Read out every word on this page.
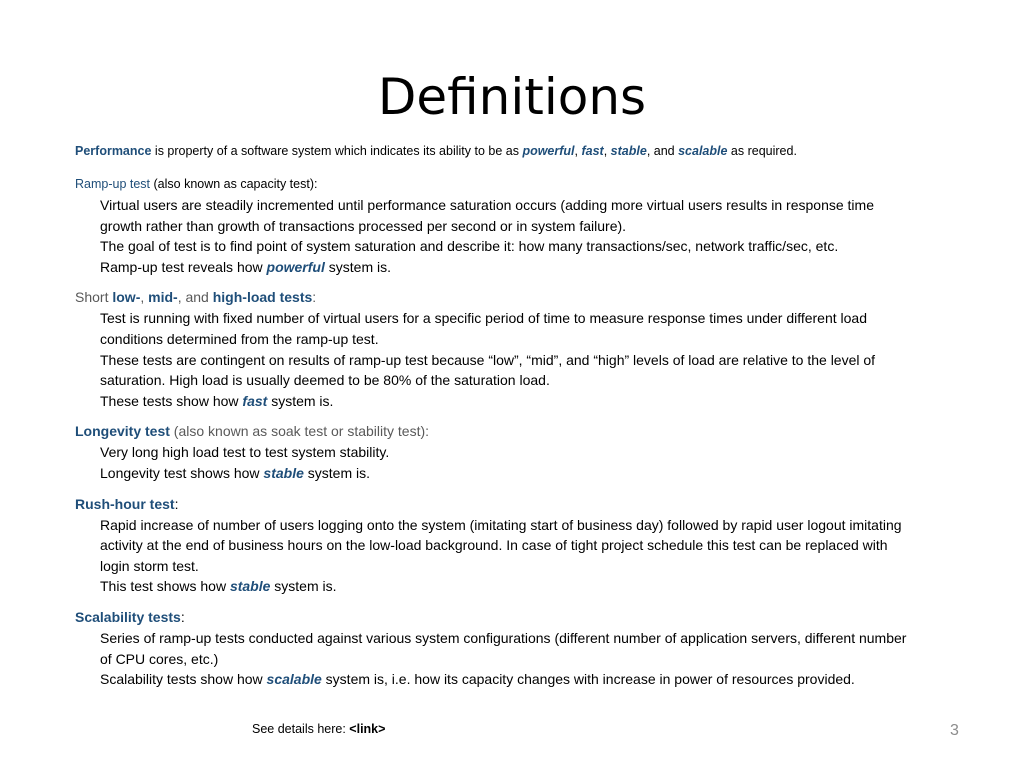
Definitions
Performance is property of a software system which indicates its ability to be as powerful, fast, stable, and scalable as required.
Ramp-up test (also known as capacity test):
Virtual users are steadily incremented until performance saturation occurs (adding more virtual users results in response time
growth rather than growth of transactions processed per second or in system failure).
The goal of test is to find point of system saturation and describe it: how many transactions/sec, network traffic/sec, etc.
Ramp-up test reveals how powerful system is.
Short low-, mid-, and high-load tests:
Test is running with fixed number of virtual users for a specific period of time to measure response times under different load
conditions determined from the ramp-up test.
These tests are contingent on results of ramp-up test because “low”, “mid”, and “high” levels of load are relative to the level of
saturation. High load is usually deemed to be 80% of the saturation load.
These tests show how fast system is.
Longevity test (also known as soak test or stability test):
Very long high load test to test system stability.
Longevity test shows how stable system is.
Rush-hour test:
Rapid increase of number of users logging onto the system (imitating start of business day) followed by rapid user logout imitating
activity at the end of business hours on the low-load background. In case of tight project schedule this test can be replaced with
login storm test.
This test shows how stable system is.
Scalability tests:
Series of ramp-up tests conducted against various system configurations (different number of application servers, different number
of CPU cores, etc.)
Scalability tests show how scalable system is, i.e. how its capacity changes with increase in power of resources provided.
See details here: <link>	3
